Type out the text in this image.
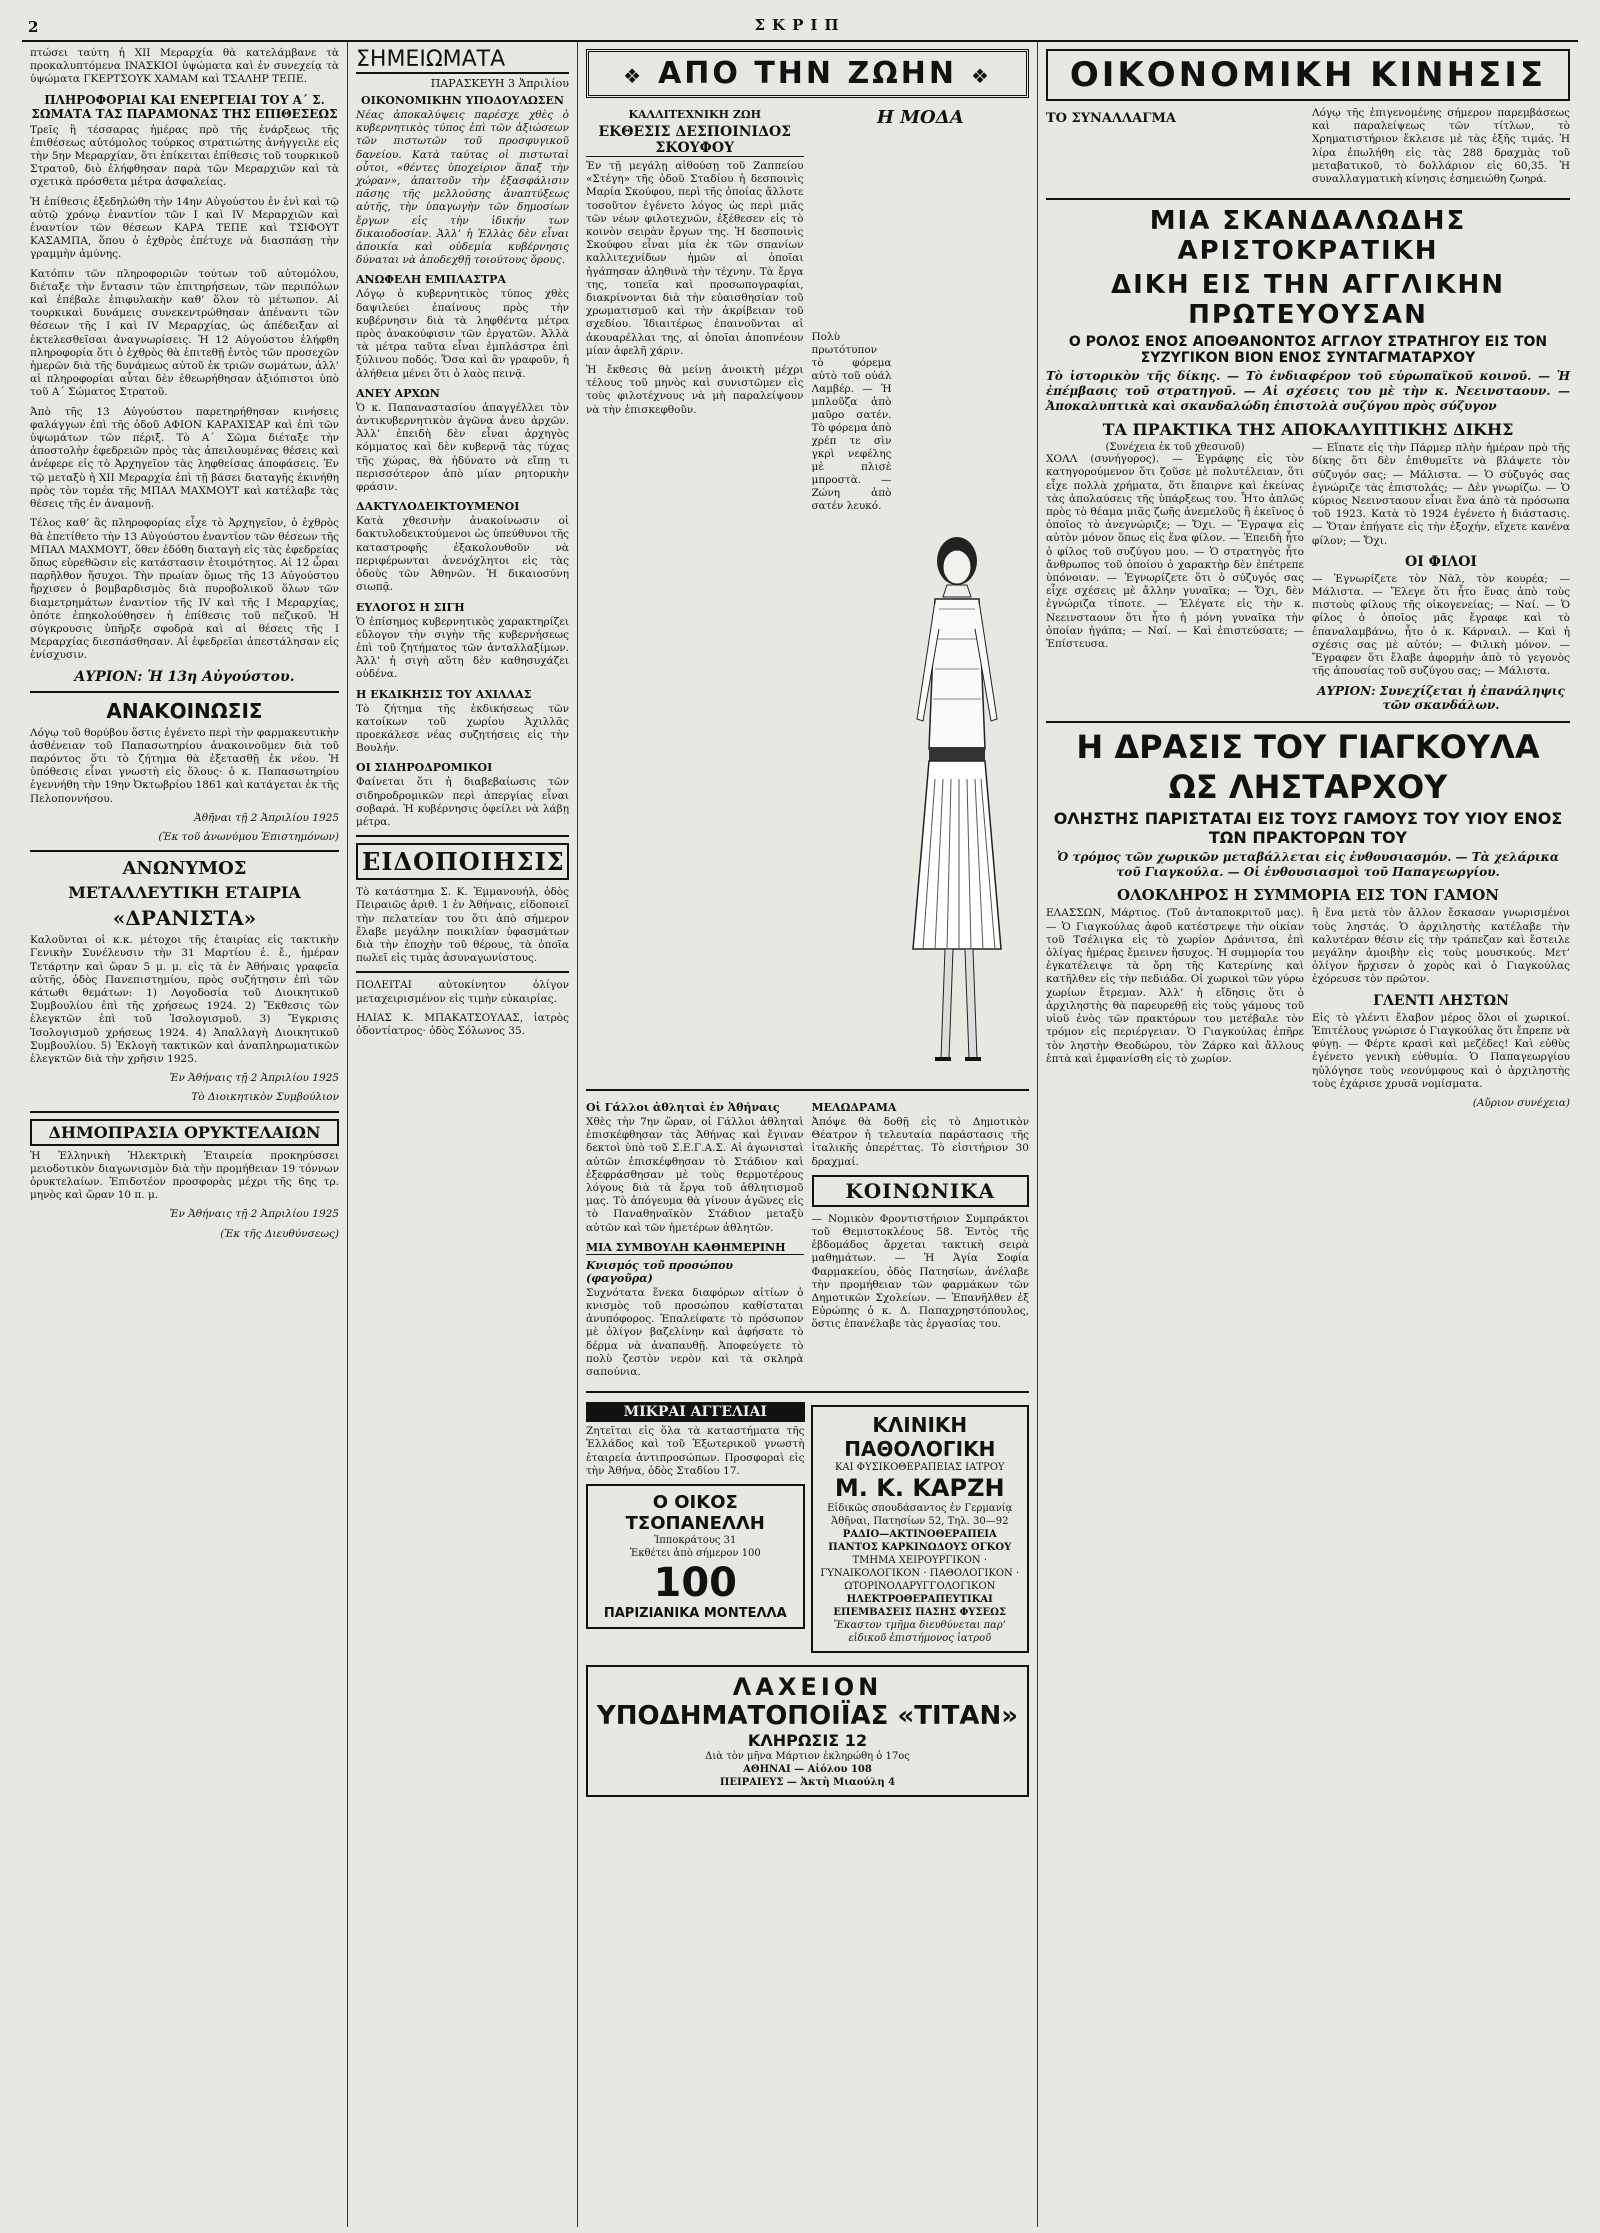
2	ΣΚΡΙΠ

πτώσει ταύτη ἡ ΧΙΙ Μεραρχία θὰ κατελάμβανε τὰ προκαλυπτόμενα ΙΝΑΣΚΙΟΙ ὑψώματα καὶ ἐν συνεχείᾳ τὰ ὑψώματα ΓΚΕΡΤΣΟΥΚ ΧΑΜΑΜ καὶ ΤΣΑΛΗΡ ΤΕΠΕ.

ΠΛΗΡΟΦΟΡΙΑΙ ΚΑΙ ΕΝΕΡΓΕΙΑΙ ΤΟΥ Α΄ Σ. ΣΩΜΑΤΑ ΤΑΣ ΠΑΡΑΜΟΝΑΣ ΤΗΣ ΕΠΙΘΕΣΕΩΣ

Τρεῖς ἢ τέσσαρας ἡμέρας πρὸ τῆς ἐνάρξεως τῆς ἐπιθέσεως αὐτόμολος τούρκος στρατιώτης ἀνήγγειλε εἰς τὴν 5ην Μεραρχίαν, ὅτι ἐπίκειται ἐπίθεσις τοῦ τουρκικοῦ Στρατοῦ, διὸ ἐλήφθησαν παρὰ τῶν Μεραρχιῶν καὶ τὰ σχετικὰ πρόσθετα μέτρα ἀσφαλείας.

Ἡ ἐπίθεσις ἐξεδηλώθη τὴν 14ην Αὐγούστου ἐν ἑνὶ καὶ τῷ αὐτῷ χρόνῳ ἐναντίον τῶν Ι καὶ IV Μεραρχιῶν καὶ ἐναντίον τῶν θέσεων ΚΑΡΑ ΤΕΠΕ καὶ ΤΣΙΦΟΥΤ ΚΑΣΑΜΠΑ, ὅπου ὁ ἐχθρὸς ἐπέτυχε νὰ διασπάσῃ τὴν γραμμὴν ἀμύνης.

Κατόπιν τῶν πληροφοριῶν τούτων τοῦ αὐτομόλου, διέταξε τὴν ἔντασιν τῶν ἐπιτηρήσεων, τῶν περιπόλων καὶ ἐπέβαλε ἐπιφυλακὴν καθ’ ὅλον τὸ μέτωπον. Αἱ τουρκικαὶ δυνάμεις συνεκεντρώθησαν ἀπέναντι τῶν θέσεων τῆς Ι καὶ IV Μεραρχίας, ὡς ἀπέδειξαν αἱ ἐκτελεσθεῖσαι ἀναγνωρίσεις. Ἡ 12 Αὐγούστου ἐλήφθη πληροφορία ὅτι ὁ ἐχθρὸς θὰ ἐπιτεθῇ ἐντὸς τῶν προσεχῶν ἡμερῶν διὰ τῆς δυνάμεως αὐτοῦ ἐκ τριῶν σωμάτων, ἀλλ’ αἱ πληροφορίαι αὗται δὲν ἐθεωρήθησαν ἀξιόπιστοι ὑπὸ τοῦ Α΄ Σώματος Στρατοῦ.

Ἀπὸ τῆς 13 Αὐγούστου παρετηρήθησαν κινήσεις φαλάγγων ἐπὶ τῆς ὁδοῦ ΑΦΙΟΝ ΚΑΡΑΧΙΣΑΡ καὶ ἐπὶ τῶν ὑψωμάτων τῶν πέριξ. Τὸ Α΄ Σῶμα διέταξε τὴν ἀποστολὴν ἐφεδρειῶν πρὸς τὰς ἀπειλουμένας θέσεις καὶ ἀνέφερε εἰς τὸ Ἀρχηγεῖον τὰς ληφθείσας ἀποφάσεις. Ἐν τῷ μεταξὺ ἡ ΧΙΙ Μεραρχία ἐπὶ τῇ βάσει διαταγῆς ἐκινήθη πρὸς τὸν τομέα τῆς ΜΠΑΛ ΜΑΧΜΟΥΤ καὶ κατέλαβε τὰς θέσεις τῆς ἐν ἀναμονῇ.

Τέλος καθ’ ἃς πληροφορίας εἶχε τὸ Ἀρχηγεῖον, ὁ ἐχθρὸς θὰ ἐπετίθετο τὴν 13 Αὐγούστου ἐναντίον τῶν θέσεων τῆς ΜΠΑΛ ΜΑΧΜΟΥΤ, ὅθεν ἐδόθη διαταγὴ εἰς τὰς ἐφεδρείας ὅπως εὑρεθῶσιν εἰς κατάστασιν ἑτοιμότητος. Αἱ 12 ὧραι παρῆλθον ἥσυχοι. Τὴν πρωίαν ὅμως τῆς 13 Αὐγούστου ἤρχισεν ὁ βομβαρδισμὸς διὰ πυροβολικοῦ ὅλων τῶν διαμετρημάτων ἐναντίον τῆς IV καὶ τῆς Ι Μεραρχίας, ὁπότε ἐπηκολούθησεν ἡ ἐπίθεσις τοῦ πεζικοῦ. Ἡ σύγκρουσις ὑπῆρξε σφοδρὰ καὶ αἱ θέσεις τῆς Ι Μεραρχίας διεσπάσθησαν. Αἱ ἐφεδρεῖαι ἀπεστάλησαν εἰς ἐνίσχυσιν.

ΑΥΡΙΟΝ: Ἡ 13η Αὐγούστου.
ΑΝΑΚΟΙΝΩΣΙΣ

Λόγῳ τοῦ θορύβου ὅστις ἐγένετο περὶ τὴν φαρμακευτικὴν ἀσθένειαν τοῦ Παπασωτηρίου ἀνακοινοῦμεν διὰ τοῦ παρόντος ὅτι τὸ ζήτημα θὰ ἐξετασθῇ ἐκ νέου. Ἡ ὑπόθεσις εἶναι γνωστὴ εἰς ὅλους· ὁ κ. Παπασωτηρίου ἐγεννήθη τὴν 19ην Ὀκτωβρίου 1861 καὶ κατάγεται ἐκ τῆς Πελοποννήσου.

Ἀθῆναι τῇ 2 Ἀπριλίου 1925

(Ἐκ τοῦ ἀνωνύμου Ἐπιστημόνων)

ΑΝΩΝΥΜΟΣ
ΜΕΤΑΛΛΕΥΤΙΚΗ ΕΤΑΙΡΙΑ
«ΔΡΑΝΙΣΤΑ»

Καλοῦνται οἱ κ.κ. μέτοχοι τῆς ἐταιρίας εἰς τακτικὴν Γενικὴν Συνέλευσιν τὴν 31 Μαρτίου ἐ. ἔ., ἡμέραν Τετάρτην καὶ ὥραν 5 μ. μ. εἰς τὰ ἐν Ἀθήναις γραφεῖα αὐτῆς, ὁδὸς Πανεπιστημίου, πρὸς συζήτησιν ἐπὶ τῶν κάτωθι θεμάτων: 1) Λογοδοσία τοῦ Διοικητικοῦ Συμβουλίου ἐπὶ τῆς χρήσεως 1924. 2) Ἔκθεσις τῶν ἐλεγκτῶν ἐπὶ τοῦ Ἰσολογισμοῦ. 3) Ἔγκρισις Ἰσολογισμοῦ χρήσεως 1924. 4) Ἀπαλλαγὴ Διοικητικοῦ Συμβουλίου. 5) Ἐκλογὴ τακτικῶν καὶ ἀναπληρωματικῶν ἐλεγκτῶν διὰ τὴν χρῆσιν 1925.

Ἐν Ἀθήναις τῇ 2 Ἀπριλίου 1925

Τὸ Διοικητικὸν Συμβούλιον

ΔΗΜΟΠΡΑΣΙΑ ΟΡΥΚΤΕΛΑΙΩΝ

Ἡ Ἑλληνικὴ Ἠλεκτρικὴ Ἑταιρεία προκηρύσσει μειοδοτικὸν διαγωνισμὸν διὰ τὴν προμήθειαν 19 τόννων ὀρυκτελαίων. Ἐπιδοτέον προσφορὰς μέχρι τῆς 6ης τρ. μηνὸς καὶ ὥραν 10 π. μ.

Ἐν Ἀθήναις τῇ 2 Ἀπριλίου 1925

(Ἐκ τῆς Διευθύνσεως)

ΣΗΜΕΙΩΜΑΤΑ
ΠΑΡΑΣΚΕΥΗ 3 Ἀπριλίου
ΟΙΚΟΝΟΜΙΚΗΝ ΥΠΟΔΟΥΛΩΣΕΝ

Νέας ἀποκαλύψεις παρέσχε χθὲς ὁ κυβερνητικὸς τύπος ἐπὶ τῶν ἀξιώσεων τῶν πιστωτῶν τοῦ προσφυγικοῦ δανείου. Κατὰ ταύτας οἱ πιστωταὶ οὗτοι, «θέντες ὑποχείριον ἅπαξ τὴν χώραν», ἀπαιτοῦν τὴν ἐξασφάλισιν πᾶσης τῆς μελλούσης ἀναπτύξεως αὐτῆς, τὴν ὑπαγωγὴν τῶν δημοσίων ἔργων εἰς τὴν ἰδικήν των δικαιοδοσίαν. Ἀλλ’ ἡ Ἑλλὰς δὲν εἶναι ἀποικία καὶ οὐδεμία κυβέρνησις δύναται νὰ ἀποδεχθῇ τοιούτους ὅρους.

ΑΝΩΦΕΛΗ ΕΜΠΛΑΣΤΡΑ

Λόγῳ ὁ κυβερνητικὸς τύπος χθὲς δαψιλεύει ἐπαίνους πρὸς τὴν κυβέρνησιν διὰ τὰ ληφθέντα μέτρα πρὸς ἀνακούφισιν τῶν ἐργατῶν. Ἀλλὰ τὰ μέτρα ταῦτα εἶναι ἐμπλάστρα ἐπὶ ξύλινου ποδός. Ὅσα καὶ ἂν γραφοῦν, ἡ ἀλήθεια μένει ὅτι ὁ λαὸς πεινᾷ.

ΑΝΕΥ ΑΡΧΩΝ

Ὁ κ. Παπαναστασίου ἀπαγγέλλει τὸν ἀντικυβερνητικὸν ἀγῶνα ἀνευ ἀρχῶν. Ἀλλ’ ἐπειδὴ δὲν εἶναι ἀρχηγὸς κόμματος καὶ δὲν κυβερνᾷ τὰς τύχας τῆς χώρας, θὰ ἠδύνατο νὰ εἴπῃ τι περισσότερον ἀπὸ μίαν ρητορικὴν φράσιν.

ΔΑΚΤΥΛΟΔΕΙΚΤΟΥΜΕΝΟΙ

Κατὰ χθεσινὴν ἀνακοίνωσιν οἱ δακτυλοδεικτούμενοι ὡς ὑπεύθυνοι τῆς καταστροφῆς ἐξακολουθοῦν νὰ περιφέρωνται ἀνενόχλητοι εἰς τὰς ὁδοὺς τῶν Ἀθηνῶν. Ἡ δικαιοσύνη σιωπᾷ.

ΕΥΛΟΓΟΣ Η ΣΙΓΗ

Ὁ ἐπίσημος κυβερνητικὸς χαρακτηρίζει εὔλογον τὴν σιγὴν τῆς κυβερνήσεως ἐπὶ τοῦ ζητήματος τῶν ἀνταλλαξίμων. Ἀλλ’ ἡ σιγὴ αὕτη δὲν καθησυχάζει οὐδένα.

Η ΕΚΔΙΚΗΣΙΣ ΤΟΥ ΑΧΙΛΛΑΣ

Τὸ ζήτημα τῆς ἐκδικήσεως τῶν κατοίκων τοῦ χωρίου Ἀχιλλᾶς προεκάλεσε νέας συζητήσεις εἰς τὴν Βουλήν.

ΟΙ ΣΙΔΗΡΟΔΡΟΜΙΚΟΙ

Φαίνεται ὅτι ἡ διαβεβαίωσις τῶν σιδηροδρομικῶν περὶ ἀπεργίας εἶναι σοβαρά. Ἡ κυβέρνησις ὀφείλει νὰ λάβῃ μέτρα.

ΕΙΔΟΠΟΙΗΣΙΣ

Τὸ κατάστημα Σ. Κ. Ἐμμανουήλ, ὁδὸς Πειραιῶς ἀριθ. 1 ἐν Ἀθήναις, εἰδοποιεῖ τὴν πελατείαν του ὅτι ἀπὸ σήμερον ἔλαβε μεγάλην ποικιλίαν ὑφασμάτων διὰ τὴν ἐποχὴν τοῦ θέρους, τὰ ὁποῖα πωλεῖ εἰς τιμὰς ἀσυναγωνίστους.

ΠΟΛΕΙΤΑΙ αὐτοκίνητον ὀλίγον μεταχειρισμένον εἰς τιμὴν εὐκαιρίας.

ΗΛΙΑΣ Κ. ΜΠΑΚΑΤΣΟΥΛΑΣ, ἰατρὸς ὀδοντίατρος· ὁδὸς Σόλωνος 35.

❖ ΑΠΟ ΤΗΝ ΖΩΗΝ ❖
ΚΑΛΛΙΤΕΧΝΙΚΗ ΖΩΗ
ΕΚΘΕΣΙΣ ΔΕΣΠΟΙΝΙΔΟΣ ΣΚΟΥΦΟΥ

Ἐν τῇ μεγάλῃ αἰθούσῃ τοῦ Ζαππείου «Στέγη» τῆς ὁδοῦ Σταδίου ἡ δεσποινὶς Μαρία Σκούφου, περὶ τῆς ὁποίας ἄλλοτε τοσοῦτον ἐγένετο λόγος ὡς περὶ μιᾶς τῶν νέων φιλοτεχνῶν, ἐξέθεσεν εἰς τὸ κοινὸν σειρὰν ἔργων της. Ἡ δεσποινὶς Σκούφου εἶναι μία ἐκ τῶν σπανίων καλλιτεχνίδων ἡμῶν αἱ ὁποῖαι ἠγάπησαν ἀληθινὰ τὴν τέχνην. Τὰ ἔργα της, τοπεῖα καὶ προσωπογραφίαι, διακρίνονται διὰ τὴν εὐαισθησίαν τοῦ χρωματισμοῦ καὶ τὴν ἀκρίβειαν τοῦ σχεδίου. Ἰδιαιτέρως ἐπαινοῦνται αἱ ἀκουαρέλλαι της, αἱ ὁποῖαι ἀποπνέουν μίαν ἀφελῆ χάριν.

Ἡ ἔκθεσις θὰ μείνῃ ἀνοικτὴ μέχρι τέλους τοῦ μηνὸς καὶ συνιστῶμεν εἰς τοὺς φιλοτέχνους νὰ μὴ παραλείψουν νὰ τὴν ἐπισκεφθοῦν.

Η ΜΟΔΑ

Πολὺ πρωτότυπον τὸ φόρεμα αὐτὸ τοῦ οὐάλ Λαμβέρ. — Ἡ μπλοῦζα ἀπὸ μαῦρο σατέν. Τὸ φόρεμα ἀπὸ χρέπ τε σὶν γκρὶ νεφέλης μὲ πλισὲ μπροστὰ. — Ζώνη ἀπὸ σατέν λευκό.

Οἱ Γάλλοι ἀθληταὶ ἐν Ἀθήναις

Χθὲς τὴν 7ην ὥραν, οἱ Γάλλοι ἀθληταὶ ἐπισκέφθησαν τὰς Ἀθήνας καὶ ἔγιναν δεκτοὶ ὑπὸ τοῦ Σ.Ε.Γ.Α.Σ. Αἱ ἀγωνισταὶ αὐτῶν ἐπισκέφθησαν τὸ Στάδιον καὶ ἐξεφράσθησαν μὲ τοὺς θερμοτέρους λόγους διὰ τὰ ἔργα τοῦ ἀθλητισμοῦ μας. Τὸ ἀπόγευμα θὰ γίνουν ἀγῶνες εἰς τὸ Παναθηναϊκὸν Στάδιον μεταξὺ αὐτῶν καὶ τῶν ἡμετέρων ἀθλητῶν.

ΜΙΑ ΣΥΜΒΟΥΛΗ ΚΑΘΗΜΕΡΙΝΗ
Κνισμός τοῦ προσώπου (φαγοῦρα)

Συχνότατα ἕνεκα διαφόρων αἰτίων ὁ κνισμὸς τοῦ προσώπου καθίσταται ἀνυπόφορος. Ἐπαλείφατε τὸ πρόσωπον μὲ ὀλίγον βαζελίνην καὶ ἀφήσατε τὸ δέρμα νὰ ἀναπαυθῇ. Ἀποφεύγετε τὸ πολὺ ζεστὸν νερὸν καὶ τὰ σκληρὰ σαπούνια.

ΜΕΛΩΔΡΑΜΑ

Ἀπόψε θὰ δοθῇ εἰς τὸ Δημοτικὸν Θέατρον ἡ τελευταία παράστασις τῆς ἰταλικῆς ὀπερέττας. Τὸ εἰσιτήριον 30 δραχμαί.

ΚΟΙΝΩΝΙΚΑ

— Νομικὸν Φροντιστήριον Συμπράκτοι τοῦ Θεμιστοκλέους 58. Ἐντὸς τῆς ἑβδομάδος ἄρχεται τακτικὴ σειρὰ μαθημάτων. — Ἡ Ἁγία Σοφία Φαρμακείου, ὁδὸς Πατησίων, ἀνέλαβε τὴν προμήθειαν τῶν φαρμάκων τῶν Δημοτικῶν Σχολείων. — Ἐπανῆλθεν ἐξ Εὐρώπης ὁ κ. Δ. Παπαχρηστόπουλος, ὅστις ἐπανέλαβε τὰς ἐργασίας του.

ΜΙΚΡΑΙ ΑΓΓΕΛΙΑΙ

Ζητεῖται εἰς ὅλα τὰ καταστήματα τῆς Ἑλλάδος καὶ τοῦ Ἐξωτερικοῦ γνωστὴ ἐταιρεία ἀντιπροσώπων. Προσφοραὶ εἰς τὴν Ἀθήνα, ὁδὸς Σταδίου 17.

Ο ΟΙΚΟΣ ΤΣΟΠΑΝΕΛΛΗ
Ἱπποκράτους 31
Ἐκθέτει ἀπὸ σήμερον 100
100
ΠΑΡΙΖΙΑΝΙΚΑ ΜΟΝΤΕΛΛΑ
ΚΛΙΝΙΚΗ ΠΑΘΟΛΟΓΙΚΗ
ΚΑΙ ΦΥΣΙΚΟΘΕΡΑΠΕΙΑΣ ΙΑΤΡΟΥ
Μ. Κ. ΚΑΡΖΗ
Εἰδικῶς σπουδάσαντος ἐν Γερμανίᾳ
Ἀθῆναι, Πατησίων 52, Τηλ. 30—92
ΡΑΔΙΟ—ΑΚΤΙΝΟΘΕΡΑΠΕΙΑ ΠΑΝΤΟΣ ΚΑΡΚΙΝΩΔΟΥΣ ΟΓΚΟΥ
ΤΜΗΜΑ ΧΕΙΡΟΥΡΓΙΚΟΝ · ΓΥΝΑΙΚΟΛΟΓΙΚΟΝ · ΠΑΘΟΛΟΓΙΚΟΝ · ΩΤΟΡΙΝΟΛΑΡΥΓΓΟΛΟΓΙΚΟΝ
ΗΛΕΚΤΡΟΘΕΡΑΠΕΥΤΙΚΑΙ ΕΠΕΜΒΑΣΕΙΣ ΠΑΣΗΣ ΦΥΣΕΩΣ
Ἕκαστον τμῆμα διευθύνεται παρ’ εἰδικοῦ ἐπιστήμονος ἰατροῦ
ΛΑΧΕΙΟΝ
ΥΠΟΔΗΜΑΤΟΠΟΙΪΑΣ «ΤΙΤΑΝ»
ΚΛΗΡΩΣΙΣ 12
Διὰ τὸν μῆνα Μάρτιον ἐκληρώθη ὁ 17ος
ΑΘΗΝΑΙ — Αἰόλου 108
ΠΕΙΡΑΙΕΥΣ — Ἀκτὴ Μιαούλη 4
ΟΙΚΟΝΟΜΙΚΗ ΚΙΝΗΣΙΣ
ΤΟ ΣΥΝΑΛΛΑΓΜΑ	Λόγῳ τῆς ἐπιγενομένης σήμερον παρεμβάσεως καὶ παραλείψεως τῶν τίτλων, τὸ Χρηματιστήριον ἔκλεισε μὲ τὰς ἑξῆς τιμάς. Ἡ λίρα ἐπωλήθη εἰς τὰς 288 δραχμὰς τοῦ μεταβατικοῦ, τὸ δολλάριον εἰς 60,35. Ἡ συναλλαγματικὴ κίνησις ἐσημειώθη ζωηρά.

ΜΙΑ ΣΚΑΝΔΑΛΩΔΗΣ ΑΡΙΣΤΟΚΡΑΤΙΚΗ
ΔΙΚΗ ΕΙΣ ΤΗΝ ΑΓΓΛΙΚΗΝ ΠΡΩΤΕΥΟΥΣΑΝ
Ο ΡΟΛΟΣ ΕΝΟΣ ΑΠΟΘΑΝΟΝΤΟΣ ΑΓΓΛΟΥ ΣΤΡΑΤΗΓΟΥ ΕΙΣ ΤΟΝ ΣΥΖΥΓΙΚΟΝ ΒΙΟΝ ΕΝΟΣ ΣΥΝΤΑΓΜΑΤΑΡΧΟΥ

Τὸ ἱστορικὸν τῆς δίκης. — Τὸ ἐνδιαφέρον τοῦ εὐρωπαϊκοῦ κοινοῦ. — Ἡ ἐπέμβασις τοῦ στρατηγοῦ. — Αἱ σχέσεις του μὲ τὴν κ. Νεεινσταουν. — Ἀποκαλυπτικὰ καὶ σκανδαλώδη ἐπιστολὰ συζύγου πρὸς σύζυγον

ΤΑ ΠΡΑΚΤΙΚΑ ΤΗΣ ΑΠΟΚΑΛΥΠΤΙΚΗΣ ΔΙΚΗΣ
(Συνέχεια ἐκ τοῦ χθεσινοῦ)

ΧΟΛΛ (συνήγορος). — Ἐγράφης εἰς τὸν κατηγορούμενον ὅτι ζοῦσε μὲ πολυτέλειαν, ὅτι εἶχε πολλὰ χρήματα, ὅτι ἔπαιρνε καὶ ἐκείνας τὰς ἀπολαύσεις τῆς ὑπάρξεως του. Ἦτο ἀπλῶς πρὸς τὸ θέαμα μιᾶς ζωῆς ἀνεμελοῦς ἢ ἐκεῖνος ὁ ὁποῖος τὸ ἀνεγνώριζε; — Ὄχι. — Ἔγραψα εἰς αὐτὸν μόνον ὅπως εἰς ἕνα φίλον. — Ἐπειδὴ ἦτο ὁ φίλος τοῦ συζύγου μου. — Ὁ στρατηγὸς ἦτο ἄνθρωπος τοῦ ὁποίου ὁ χαρακτὴρ δὲν ἐπέτρεπε ὑπόνοιαν. — Ἐγνωρίζετε ὅτι ὁ σύζυγός σας εἶχε σχέσεις μὲ ἄλλην γυναῖκα; — Ὄχι, δὲν ἐγνώριζα τίποτε. — Ἐλέγατε εἰς τὴν κ. Νεεινσταουν ὅτι ἦτο ἡ μόνη γυναῖκα τὴν ὁποίαν ἠγάπα; — Ναί. — Καὶ ἐπιστεύσατε; — Ἐπίστευσα.

— Εἴπατε εἰς τὴν Πάρμερ πλὴν ἡμέραν πρὸ τῆς δίκης ὅτι δὲν ἐπιθυμεῖτε νὰ βλάψετε τὸν σύζυγόν σας; — Μάλιστα. — Ὁ σύζυγός σας ἐγνώριζε τὰς ἐπιστολάς; — Δὲν γνωρίζω. — Ὁ κύριος Νεεινσταουν εἶναι ἕνα ἀπὸ τὰ πρόσωπα τοῦ 1923. Κατὰ τὸ 1924 ἐγένετο ἡ διάστασις. — Ὅταν ἐπήγατε εἰς τὴν ἐξοχήν, εἴχετε κανένα φίλον; — Ὄχι.

ΟΙ ΦΙΛΟΙ

— Ἐγνωρίζετε τὸν Νὰλ, τὸν κουρέα; — Μάλιστα. — Ἔλεγε ὅτι ἦτο ἕνας ἀπὸ τοὺς πιστοὺς φίλους τῆς οἰκογενείας; — Ναί. — Ὁ φίλος ὁ ὁποῖος μᾶς ἔγραφε καὶ τὸ ἐπαναλαμβάνω, ἦτο ὁ κ. Κάρναιλ. — Καὶ ἡ σχέσις σας μὲ αὐτόν; — Φιλικὴ μόνον. — Ἔγραφεν ὅτι ἔλαβε ἀφορμὴν ἀπὸ τὸ γεγονὸς τῆς ἀπουσίας τοῦ συζύγου σας; — Μάλιστα.

ΑΥΡΙΟΝ: Συνεχίζεται ἡ ἐπανάληψις τῶν σκανδάλων.
Η ΔΡΑΣΙΣ ΤΟΥ ΓΙΑΓΚΟΥΛΑ
ΩΣ ΛΗΣΤΑΡΧΟΥ
ΟΛΗΣΤΗΣ ΠΑΡΙΣΤΑΤΑΙ ΕΙΣ ΤΟΥΣ ΓΑΜΟΥΣ ΤΟΥ ΥΙΟΥ ΕΝΟΣ ΤΩΝ ΠΡΑΚΤΟΡΩΝ ΤΟΥ

Ὁ τρόμος τῶν χωρικῶν μεταβάλλεται εἰς ἐνθουσιασμόν. — Τὰ χελάρικα τοῦ Γιαγκούλα. — Οἱ ἐνθουσιασμοὶ τοῦ Παπαγεωργίου.

ΟΛΟΚΛΗΡΟΣ Η ΣΥΜΜΟΡΙΑ ΕΙΣ ΤΟΝ ΓΑΜΟΝ

ΕΛΑΣΣΩΝ, Μάρτιος. (Τοῦ ἀνταποκριτοῦ μας). — Ὁ Γιαγκούλας ἀφοῦ κατέστρεψε τὴν οἰκίαν τοῦ Τσέλιγκα εἰς τὸ χωρίον Δράνιτσα, ἐπὶ ὀλίγας ἡμέρας ἔμεινεν ἥσυχος. Ἡ συμμορία του ἐγκατέλειψε τὰ ὄρη τῆς Κατερίνης καὶ κατῆλθεν εἰς τὴν πεδιάδα. Οἱ χωρικοὶ τῶν γύρω χωρίων ἔτρεμαν. Ἀλλ’ ἡ εἴδησις ὅτι ὁ ἀρχιληστὴς θὰ παρευρεθῇ εἰς τοὺς γάμους τοῦ υἱοῦ ἑνὸς τῶν πρακτόρων του μετέβαλε τὸν τρόμον εἰς περιέργειαν. Ὁ Γιαγκούλας ἐπῆρε τὸν ληστὴν Θεοδώρου, τὸν Ζάρκο καὶ ἄλλους ἑπτὰ καὶ ἐμφανίσθη εἰς τὸ χωρίον.

ἢ ἕνα μετὰ τὸν ἄλλον ἔσκασαν γνωρισμένοι τοὺς ληστάς. Ὁ ἀρχιληστὴς κατέλαβε τὴν καλυτέραν θέσιν εἰς τὴν τράπεζαν καὶ ἔστειλε μεγάλην ἀμοιβὴν εἰς τοὺς μουσικούς. Μετ’ ὀλίγον ἤρχισεν ὁ χορὸς καὶ ὁ Γιαγκούλας ἐχόρευσε τὸν πρῶτον.

ΓΛΕΝΤΙ ΛΗΣΤΩΝ

Εἰς τὸ γλέντι ἔλαβον μέρος ὅλοι οἱ χωρικοί. Ἐπιτέλους γνώρισε ὁ Γιαγκούλας ὅτι ἔπρεπε νὰ φύγῃ. — Φέρτε κρασὶ καὶ μεζέδες! Καὶ εὐθὺς ἐγένετο γενικὴ εὐθυμία. Ὁ Παπαγεωργίου ηὐλόγησε τοὺς νεονύμφους καὶ ὁ ἀρχιληστὴς τοὺς ἐχάρισε χρυσᾶ νομίσματα.

(Αὔριον συνέχεια)
